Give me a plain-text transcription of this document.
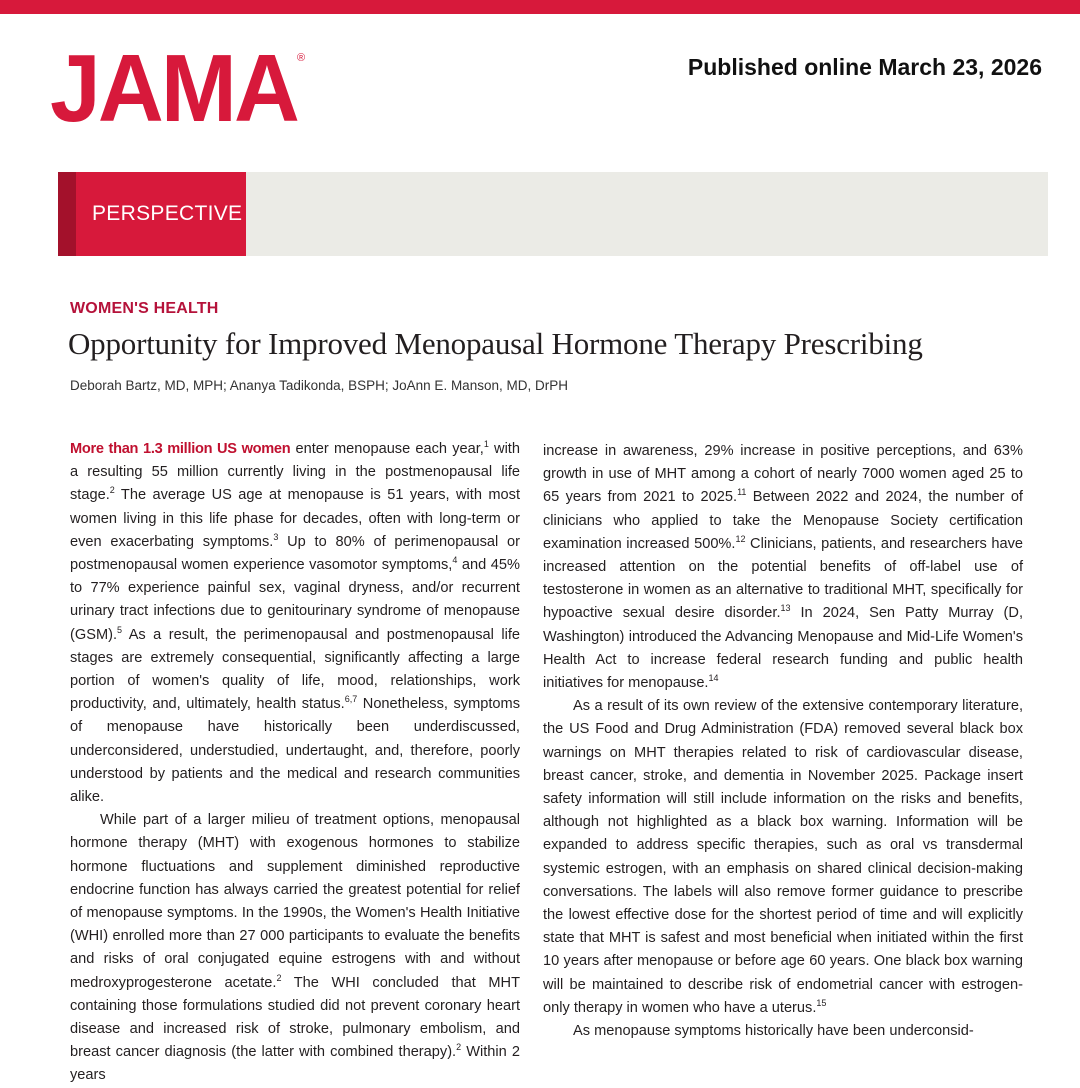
JAMA ®	Published online March 23, 2026
PERSPECTIVE
WOMEN'S HEALTH
Opportunity for Improved Menopausal Hormone Therapy Prescribing
Deborah Bartz, MD, MPH; Ananya Tadikonda, BSPH; JoAnn E. Manson, MD, DrPH

More than 1.3 million US women enter menopause each year,$^1$ with a resulting 55 million currently living in the postmenopausal life stage.$^2$ The average US age at menopause is 51 years, with most women living in this life phase for decades, often with long-term or even exacerbating symptoms.$^3$ Up to 80% of perimenopausal or postmenopausal women experience vasomotor symptoms,$^4$ and 45% to 77% experience painful sex, vaginal dryness, and/or recurrent urinary tract infections due to genitourinary syndrome of menopause (GSM).$^5$ As a result, the perimenopausal and postmenopausal life stages are extremely consequential, significantly affecting a large portion of women's quality of life, mood, relationships, work productivity, and, ultimately, health status.$^{6,7}$ Nonetheless, symptoms of menopause have historically been underdiscussed, underconsidered, understudied, undertaught, and, therefore, poorly understood by patients and the medical and research communities alike.

While part of a larger milieu of treatment options, menopausal hormone therapy (MHT) with exogenous hormones to stabilize hormone fluctuations and supplement diminished reproductive endocrine function has always carried the greatest potential for relief of menopause symptoms. In the 1990s, the Women's Health Initiative (WHI) enrolled more than 27 000 participants to evaluate the benefits and risks of oral conjugated equine estrogens with and without medroxyprogesterone acetate.$^2$ The WHI concluded that MHT containing those formulations studied did not prevent coronary heart disease and increased risk of stroke, pulmonary embolism, and breast cancer diagnosis (the latter with combined therapy).$^2$ Within 2 years

increase in awareness, 29% increase in positive perceptions, and 63% growth in use of MHT among a cohort of nearly 7000 women aged 25 to 65 years from 2021 to 2025.11 Between 2022 and 2024, the number of clinicians who applied to take the Menopause Society certification examination increased 500%.$^{12}$ Clinicians, patients, and researchers have increased attention on the potential benefits of off-label use of testosterone in women as an alternative to traditional MHT, specifically for hypoactive sexual desire disorder.$^{13}$ In 2024, Sen Patty Murray (D, Washington) introduced the Advancing Menopause and Mid-Life Women's Health Act to increase federal research funding and public health initiatives for menopause.$^{14}$

As a result of its own review of the extensive contemporary literature, the US Food and Drug Administration (FDA) removed several black box warnings on MHT therapies related to risk of cardiovascular disease, breast cancer, stroke, and dementia in November 2025. Package insert safety information will still include information on the risks and benefits, although not highlighted as a black box warning. Information will be expanded to address specific therapies, such as oral vs transdermal systemic estrogen, with an emphasis on shared clinical decision-making conversations. The labels will also remove former guidance to prescribe the lowest effective dose for the shortest period of time and will explicitly state that MHT is safest and most beneficial when initiated within the first 10 years after menopause or before age 60 years. One black box warning will be maintained to describe risk of endometrial cancer with estrogen-only therapy in women who have a uterus.$^{15}$

As menopause symptoms historically have been underconsid-
